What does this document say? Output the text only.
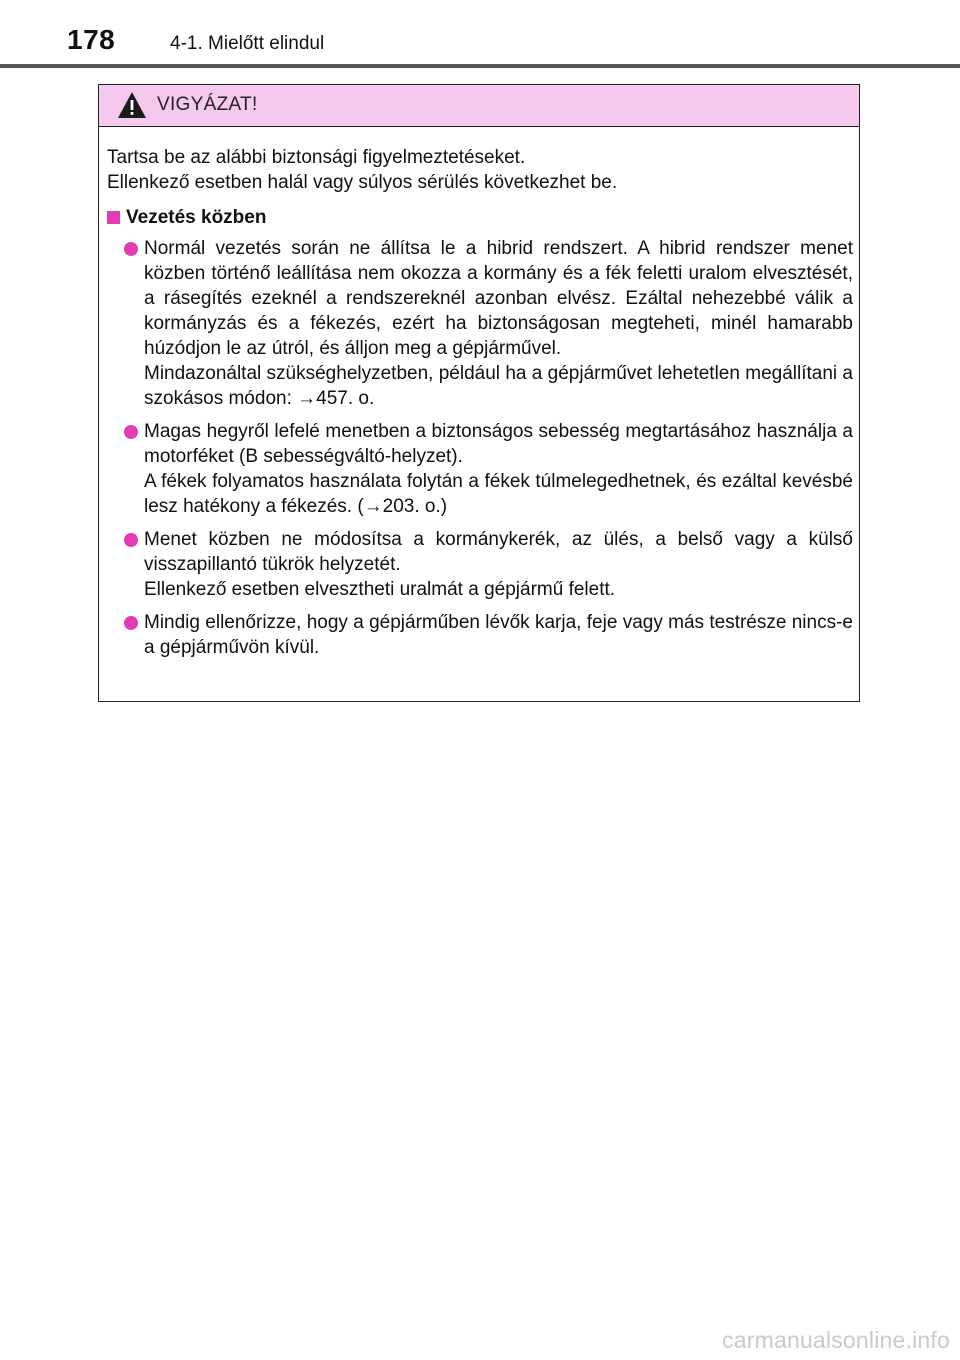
178	4-1. Mielőtt elindul
VIGYÁZAT!

Tartsa be az alábbi biztonsági figyelmeztetéseket.

Ellenkező esetben halál vagy súlyos sérülés következhet be.

Vezetés közben

Normál vezetés során ne állítsa le a hibrid rendszert. A hibrid rendszer menet közben történő leállítása nem okozza a kormány és a fék feletti uralom elvesztését, a rásegítés ezeknél a rendszereknél azonban elvész. Ezáltal nehezebbé válik a kormányzás és a fékezés, ezért ha biztonságosan megteheti, minél hamarabb húzódjon le az útról, és álljon meg a gépjárművel.

Mindazonáltal szükséghelyzetben, például ha a gépjárművet lehetetlen megállítani a szokásos módon: →457. o.

Magas hegyről lefelé menetben a biztonságos sebesség megtartásához használja a motorféket (B sebességváltó-helyzet).

A fékek folyamatos használata folytán a fékek túlmelegedhetnek, és ezáltal kevésbé lesz hatékony a fékezés. (→203. o.)

Menet közben ne módosítsa a kormánykerék, az ülés, a belső vagy a külső visszapillantó tükrök helyzetét.

Ellenkező esetben elvesztheti uralmát a gépjármű felett.

Mindig ellenőrizze, hogy a gépjárműben lévők karja, feje vagy más testrésze nincs-e a gépjárművön kívül.

carmanualsonline.info
